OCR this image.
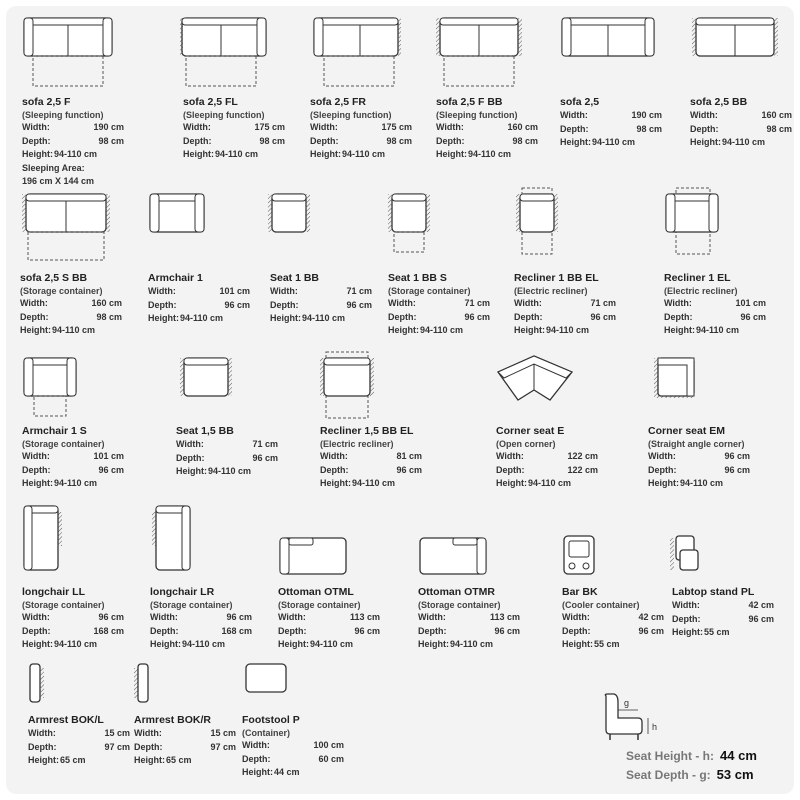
sofa 2,5 F
(Sleeping function)
Width:	190 cm
Depth:	98 cm
Height:94-110 cm
Sleeping Area:
196 cm X 144 cm
sofa 2,5 FL
(Sleeping function)
Width:	175 cm
Depth:	98 cm
Height:94-110 cm
sofa 2,5 FR
(Sleeping function)
Width:	175 cm
Depth:	98 cm
Height:94-110 cm
sofa 2,5 F BB
(Sleeping function)
Width:	160 cm
Depth:	98 cm
Height:94-110 cm
sofa 2,5
Width:	190 cm
Depth:	98 cm
Height:94-110 cm
sofa 2,5 BB
Width:	160 cm
Depth:	98 cm
Height:94-110 cm
sofa 2,5 S BB
(Storage container)
Width:	160 cm
Depth:	98 cm
Height:94-110 cm
Armchair 1
Width:	101 cm
Depth:	96 cm
Height:94-110 cm
Seat 1 BB
Width:	71 cm
Depth:	96 cm
Height:94-110 cm
Seat 1 BB S
(Storage container)
Width:	71 cm
Depth:	96 cm
Height:94-110 cm
Recliner 1 BB EL
(Electric recliner)
Width:	71 cm
Depth:	96 cm
Height:94-110 cm
Recliner 1 EL
(Electric recliner)
Width:	101 cm
Depth:	96 cm
Height:94-110 cm
Armchair 1 S
(Storage container)
Width:	101 cm
Depth:	96 cm
Height:94-110 cm
Seat 1,5 BB
Width:	71 cm
Depth:	96 cm
Height:94-110 cm
Recliner 1,5 BB EL
(Electric recliner)
Width:	81 cm
Depth:	96 cm
Height:94-110 cm
Corner seat E
(Open corner)
Width:	122 cm
Depth:	122 cm
Height:94-110 cm
Corner seat EM
(Straight angle corner)
Width:	96 cm
Depth:	96 cm
Height:94-110 cm
longchair LL
(Storage container)
Width:	96 cm
Depth:	168 cm
Height:94-110 cm
longchair LR
(Storage container)
Width:	96 cm
Depth:	168 cm
Height:94-110 cm
Ottoman OTML
(Storage container)
Width:	113 cm
Depth:	96 cm
Height:94-110 cm
Ottoman OTMR
(Storage container)
Width:	113 cm
Depth:	96 cm
Height:94-110 cm
Bar BK
(Cooler container)
Width:	42 cm
Depth:	96 cm
Height:55 cm
Labtop stand PL
Width:	42 cm
Depth:	96 cm
Height:55 cm
Armrest BOK/L
Width:	15 cm
Depth:	97 cm
Height:65 cm
Armrest BOK/R
Width:	15 cm
Depth:	97 cm
Height:65 cm
Footstool P
(Container)
Width:	100 cm
Depth:	60 cm
Height:44 cm
g
h
Seat Height - h: 44 cm
Seat Depth - g: 53 cm
